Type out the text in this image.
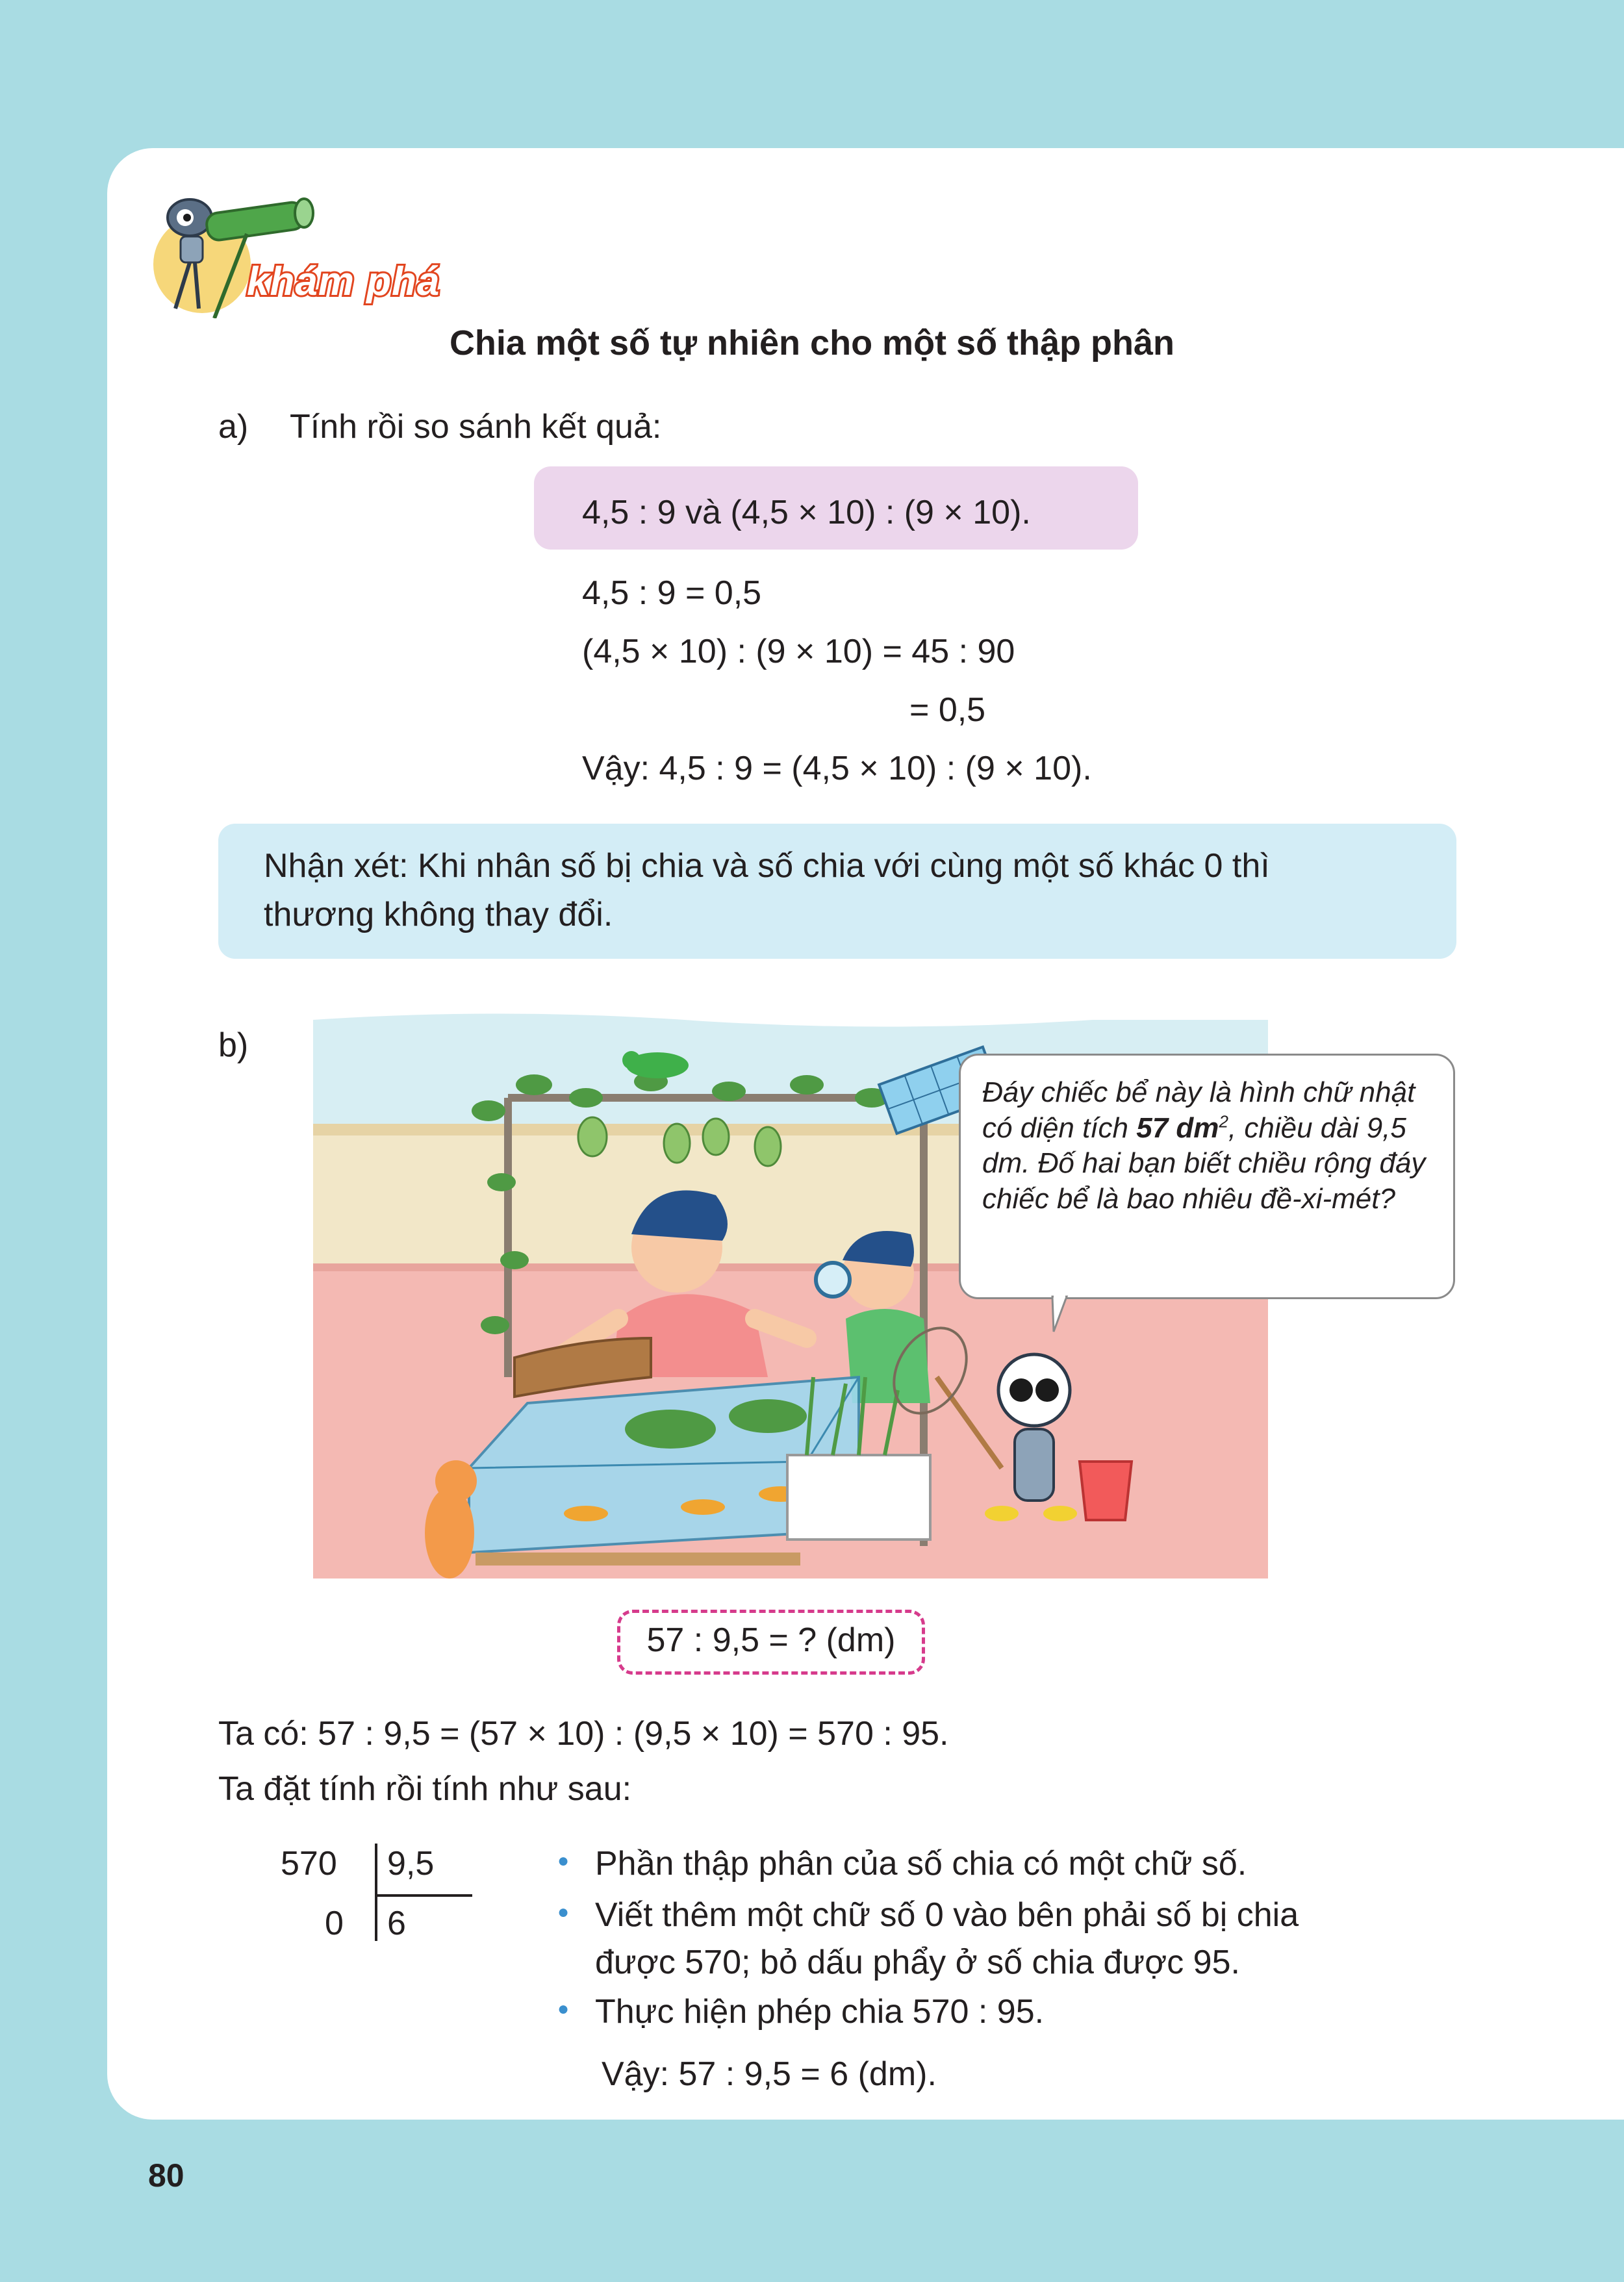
khám phá
Chia một số tự nhiên cho một số thập phân
a) Tính rồi so sánh kết quả:
4,5 : 9 và (4,5 × 10) : (9 × 10).
4,5 : 9 = 0,5
(4,5 × 10) : (9 × 10) = 45 : 90
= 0,5
Vậy: 4,5 : 9 = (4,5 × 10) : (9 × 10).
Nhận xét: Khi nhân số bị chia và số chia với cùng một số khác 0 thì
thương không thay đổi.
b)
Đáy chiếc bể này là hình chữ nhật có diện tích 57 $dm^2$, chiều dài 9,5 dm. Đố hai bạn biết chiều rộng đáy chiếc bể là bao nhiêu đề-xi-mét?
57 : 9,5 = ? (dm)
Ta có: 57 : 9,5 = (57 × 10) : (9,5 × 10) = 570 : 95.
Ta đặt tính rồi tính như sau:
570 9,5
0 6
● Phần thập phân của số chia có một chữ số.
● Viết thêm một chữ số 0 vào bên phải số bị chia
được 570; bỏ dấu phẩy ở số chia được 95.
● Thực hiện phép chia 570 : 95.
Vậy: 57 : 9,5 = 6 (dm).
80
